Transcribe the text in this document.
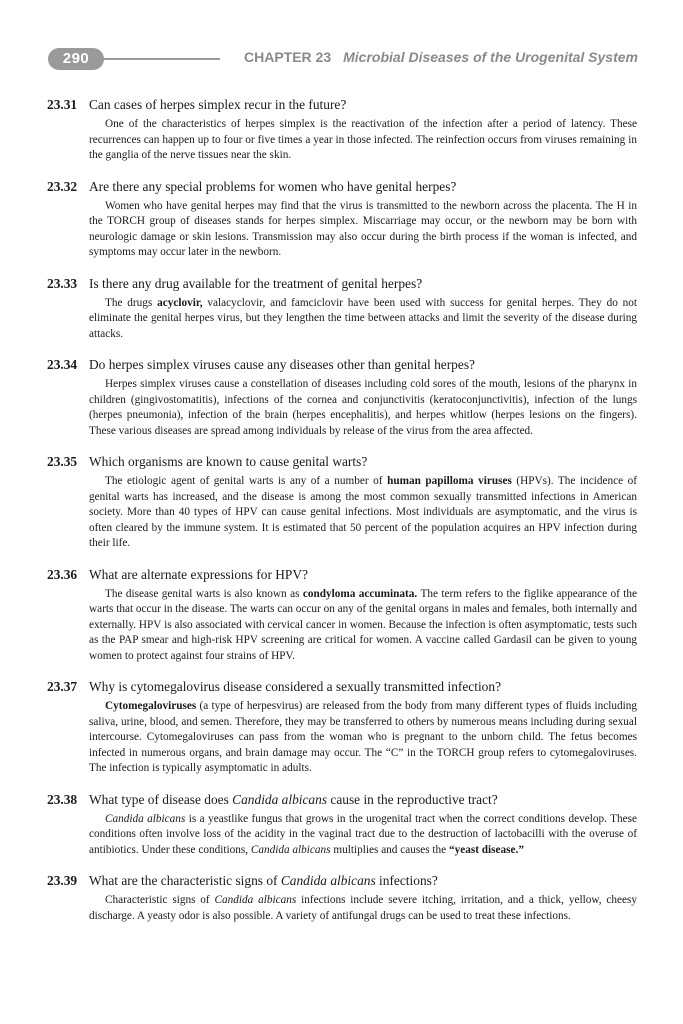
290	CHAPTER 23 Microbial Diseases of the Urogenital System
23.31 Can cases of herpes simplex recur in the future?
One of the characteristics of herpes simplex is the reactivation of the infection after a period of latency. These recurrences can happen up to four or five times a year in those infected. The reinfection occurs from viruses remaining in the ganglia of the nerve tissues near the skin.
23.32 Are there any special problems for women who have genital herpes?
Women who have genital herpes may find that the virus is transmitted to the newborn across the placenta. The H in the TORCH group of diseases stands for herpes simplex. Miscarriage may occur, or the newborn may be born with neurologic damage or skin lesions. Transmission may also occur during the birth process if the woman is infected, and symptoms may occur later in the newborn.
23.33 Is there any drug available for the treatment of genital herpes?
The drugs acyclovir, valacyclovir, and famciclovir have been used with success for genital herpes. They do not eliminate the genital herpes virus, but they lengthen the time between attacks and limit the severity of the disease during attacks.
23.34 Do herpes simplex viruses cause any diseases other than genital herpes?
Herpes simplex viruses cause a constellation of diseases including cold sores of the mouth, lesions of the pharynx in children (gingivostomatitis), infections of the cornea and conjunctivitis (keratoconjunctivitis), infection of the lungs (herpes pneumonia), infection of the brain (herpes encephalitis), and herpes whitlow (herpes lesions on the fingers). These various diseases are spread among individuals by release of the virus from the area affected.
23.35 Which organisms are known to cause genital warts?
The etiologic agent of genital warts is any of a number of human papilloma viruses (HPVs). The incidence of genital warts has increased, and the disease is among the most common sexually transmitted infections in American society. More than 40 types of HPV can cause genital infections. Most individuals are asymptomatic, and the virus is often cleared by the immune system. It is estimated that 50 percent of the population acquires an HPV infection during their life.
23.36 What are alternate expressions for HPV?
The disease genital warts is also known as condyloma accuminata. The term refers to the figlike appearance of the warts that occur in the disease. The warts can occur on any of the genital organs in males and females, both internally and externally. HPV is also associated with cervical cancer in women. Because the infection is often asymptomatic, tests such as the PAP smear and high-risk HPV screening are critical for women. A vaccine called Gardasil can be given to young women to protect against four strains of HPV.
23.37 Why is cytomegalovirus disease considered a sexually transmitted infection?
Cytomegaloviruses (a type of herpesvirus) are released from the body from many different types of fluids including saliva, urine, blood, and semen. Therefore, they may be transferred to others by numerous means including during sexual intercourse. Cytomegaloviruses can pass from the woman who is pregnant to the unborn child. The fetus becomes infected in numerous organs, and brain damage may occur. The “C” in the TORCH group refers to cytomegaloviruses. The infection is typically asymptomatic in adults.
23.38 What type of disease does Candida albicans cause in the reproductive tract?
Candida albicans is a yeastlike fungus that grows in the urogenital tract when the correct conditions develop. These conditions often involve loss of the acidity in the vaginal tract due to the destruction of lactobacilli with the overuse of antibiotics. Under these conditions, Candida albicans multiplies and causes the “yeast disease.”
23.39 What are the characteristic signs of Candida albicans infections?
Characteristic signs of Candida albicans infections include severe itching, irritation, and a thick, yellow, cheesy discharge. A yeasty odor is also possible. A variety of antifungal drugs can be used to treat these infections.
